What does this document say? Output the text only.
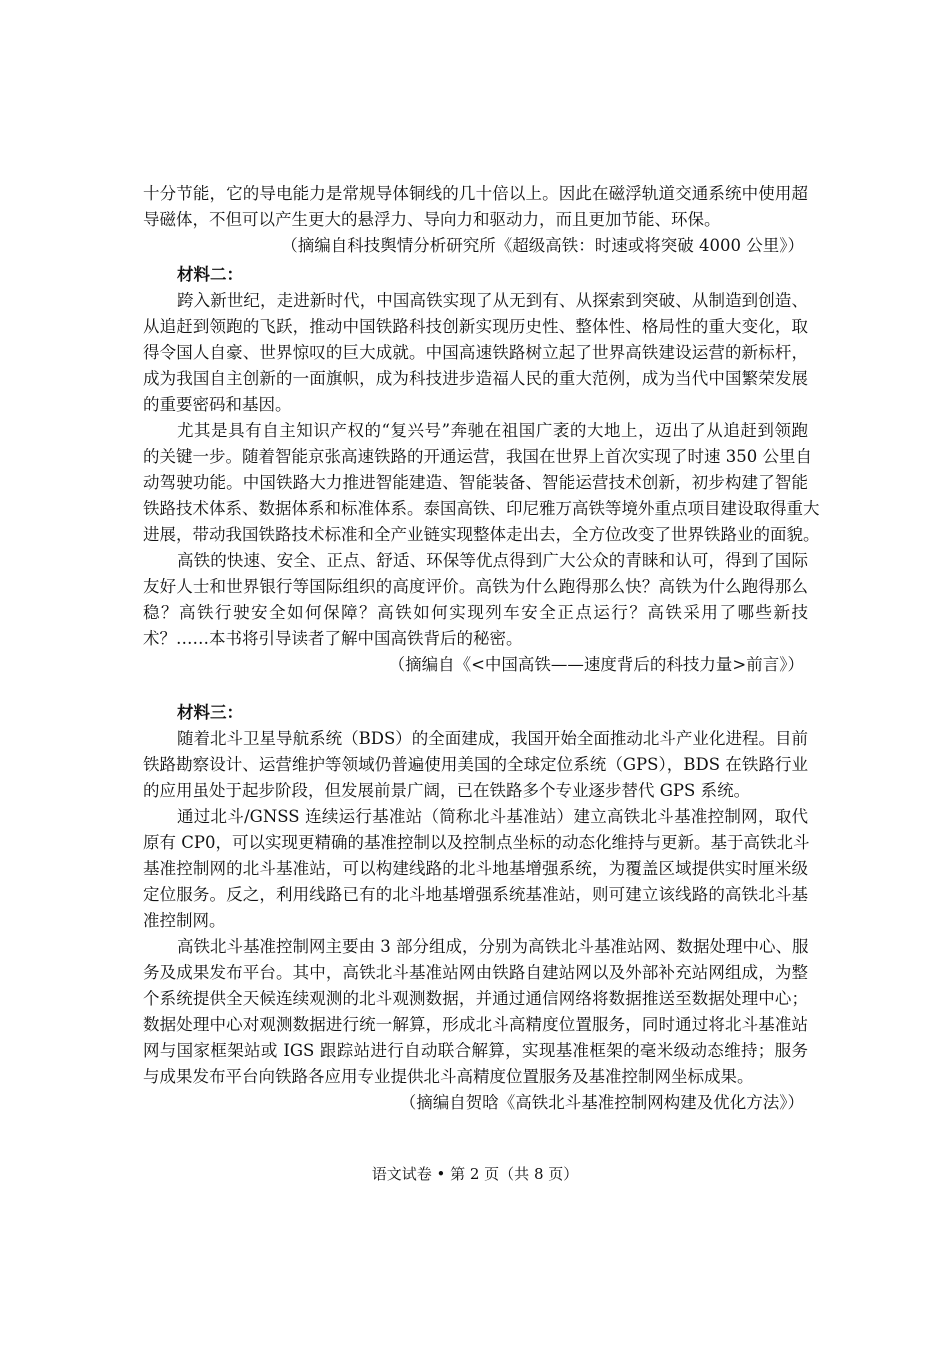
十分节能，它的导电能力是常规导体铜线的几十倍以上。因此在磁浮轨道交通系统中使用超
导磁体，不但可以产生更大的悬浮力、导向力和驱动力，而且更加节能、环保。
（摘编自科技舆情分析研究所《超级高铁：时速或将突破 4000 公里》）
材料二：
跨入新世纪，走进新时代，中国高铁实现了从无到有、从探索到突破、从制造到创造、
从追赶到领跑的飞跃，推动中国铁路科技创新实现历史性、整体性、格局性的重大变化，取
得令国人自豪、世界惊叹的巨大成就。中国高速铁路树立起了世界高铁建设运营的新标杆，
成为我国自主创新的一面旗帜，成为科技进步造福人民的重大范例，成为当代中国繁荣发展
的重要密码和基因。
尤其是具有自主知识产权的“复兴号”奔驰在祖国广袤的大地上，迈出了从追赶到领跑
的关键一步。随着智能京张高速铁路的开通运营，我国在世界上首次实现了时速 350 公里自
动驾驶功能。中国铁路大力推进智能建造、智能装备、智能运营技术创新，初步构建了智能
铁路技术体系、数据体系和标准体系。泰国高铁、印尼雅万高铁等境外重点项目建设取得重大
进展，带动我国铁路技术标准和全产业链实现整体走出去，全方位改变了世界铁路业的面貌。
高铁的快速、安全、正点、舒适、环保等优点得到广大公众的青睐和认可，得到了国际
友好人士和世界银行等国际组织的高度评价。高铁为什么跑得那么快？高铁为什么跑得那么
稳？高铁行驶安全如何保障？高铁如何实现列车安全正点运行？高铁采用了哪些新技
术？……本书将引导读者了解中国高铁背后的秘密。
（摘编自《<中国高铁——速度背后的科技力量>前言》）
材料三：
随着北斗卫星导航系统（BDS）的全面建成，我国开始全面推动北斗产业化进程。目前
铁路勘察设计、运营维护等领域仍普遍使用美国的全球定位系统（GPS），BDS 在铁路行业
的应用虽处于起步阶段，但发展前景广阔，已在铁路多个专业逐步替代 GPS 系统。
通过北斗/GNSS 连续运行基准站（简称北斗基准站）建立高铁北斗基准控制网，取代
原有 CP0，可以实现更精确的基准控制以及控制点坐标的动态化维持与更新。基于高铁北斗
基准控制网的北斗基准站，可以构建线路的北斗地基增强系统，为覆盖区域提供实时厘米级
定位服务。反之，利用线路已有的北斗地基增强系统基准站，则可建立该线路的高铁北斗基
准控制网。
高铁北斗基准控制网主要由 3 部分组成，分别为高铁北斗基准站网、数据处理中心、服
务及成果发布平台。其中，高铁北斗基准站网由铁路自建站网以及外部补充站网组成，为整
个系统提供全天候连续观测的北斗观测数据，并通过通信网络将数据推送至数据处理中心；
数据处理中心对观测数据进行统一解算，形成北斗高精度位置服务，同时通过将北斗基准站
网与国家框架站或 IGS 跟踪站进行自动联合解算，实现基准框架的毫米级动态维持；服务
与成果发布平台向铁路各应用专业提供北斗高精度位置服务及基准控制网坐标成果。
（摘编自贺晗《高铁北斗基准控制网构建及优化方法》）
语文试卷 • 第 2 页（共 8 页）
